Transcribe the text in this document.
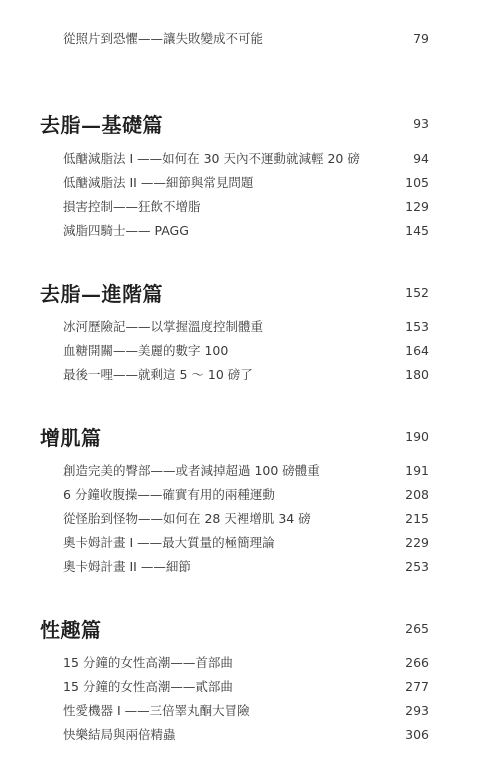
從照片到恐懼——讓失敗變成不可能	79
去脂—基礎篇	93
低醣減脂法 I ——如何在 30 天內不運動就減輕 20 磅	94
低醣減脂法 II ——細節與常見問題	105
損害控制——狂飲不增脂	129
減脂四騎士—— PAGG	145
去脂—進階篇	152
冰河歷險記——以掌握溫度控制體重	153
血糖開關——美麗的數字 100	164
最後一哩——就剩這 5 ～ 10 磅了	180
增肌篇	190
創造完美的臀部——或者減掉超過 100 磅體重	191
6 分鐘收腹操——確實有用的兩種運動	208
從怪胎到怪物——如何在 28 天裡增肌 34 磅	215
奧卡姆計畫 I ——最大質量的極簡理論	229
奧卡姆計畫 II ——細節	253
性趣篇	265
15 分鐘的女性高潮——首部曲	266
15 分鐘的女性高潮——貳部曲	277
性愛機器 I ——三倍睪丸酮大冒險	293
快樂結局與兩倍精蟲	306
